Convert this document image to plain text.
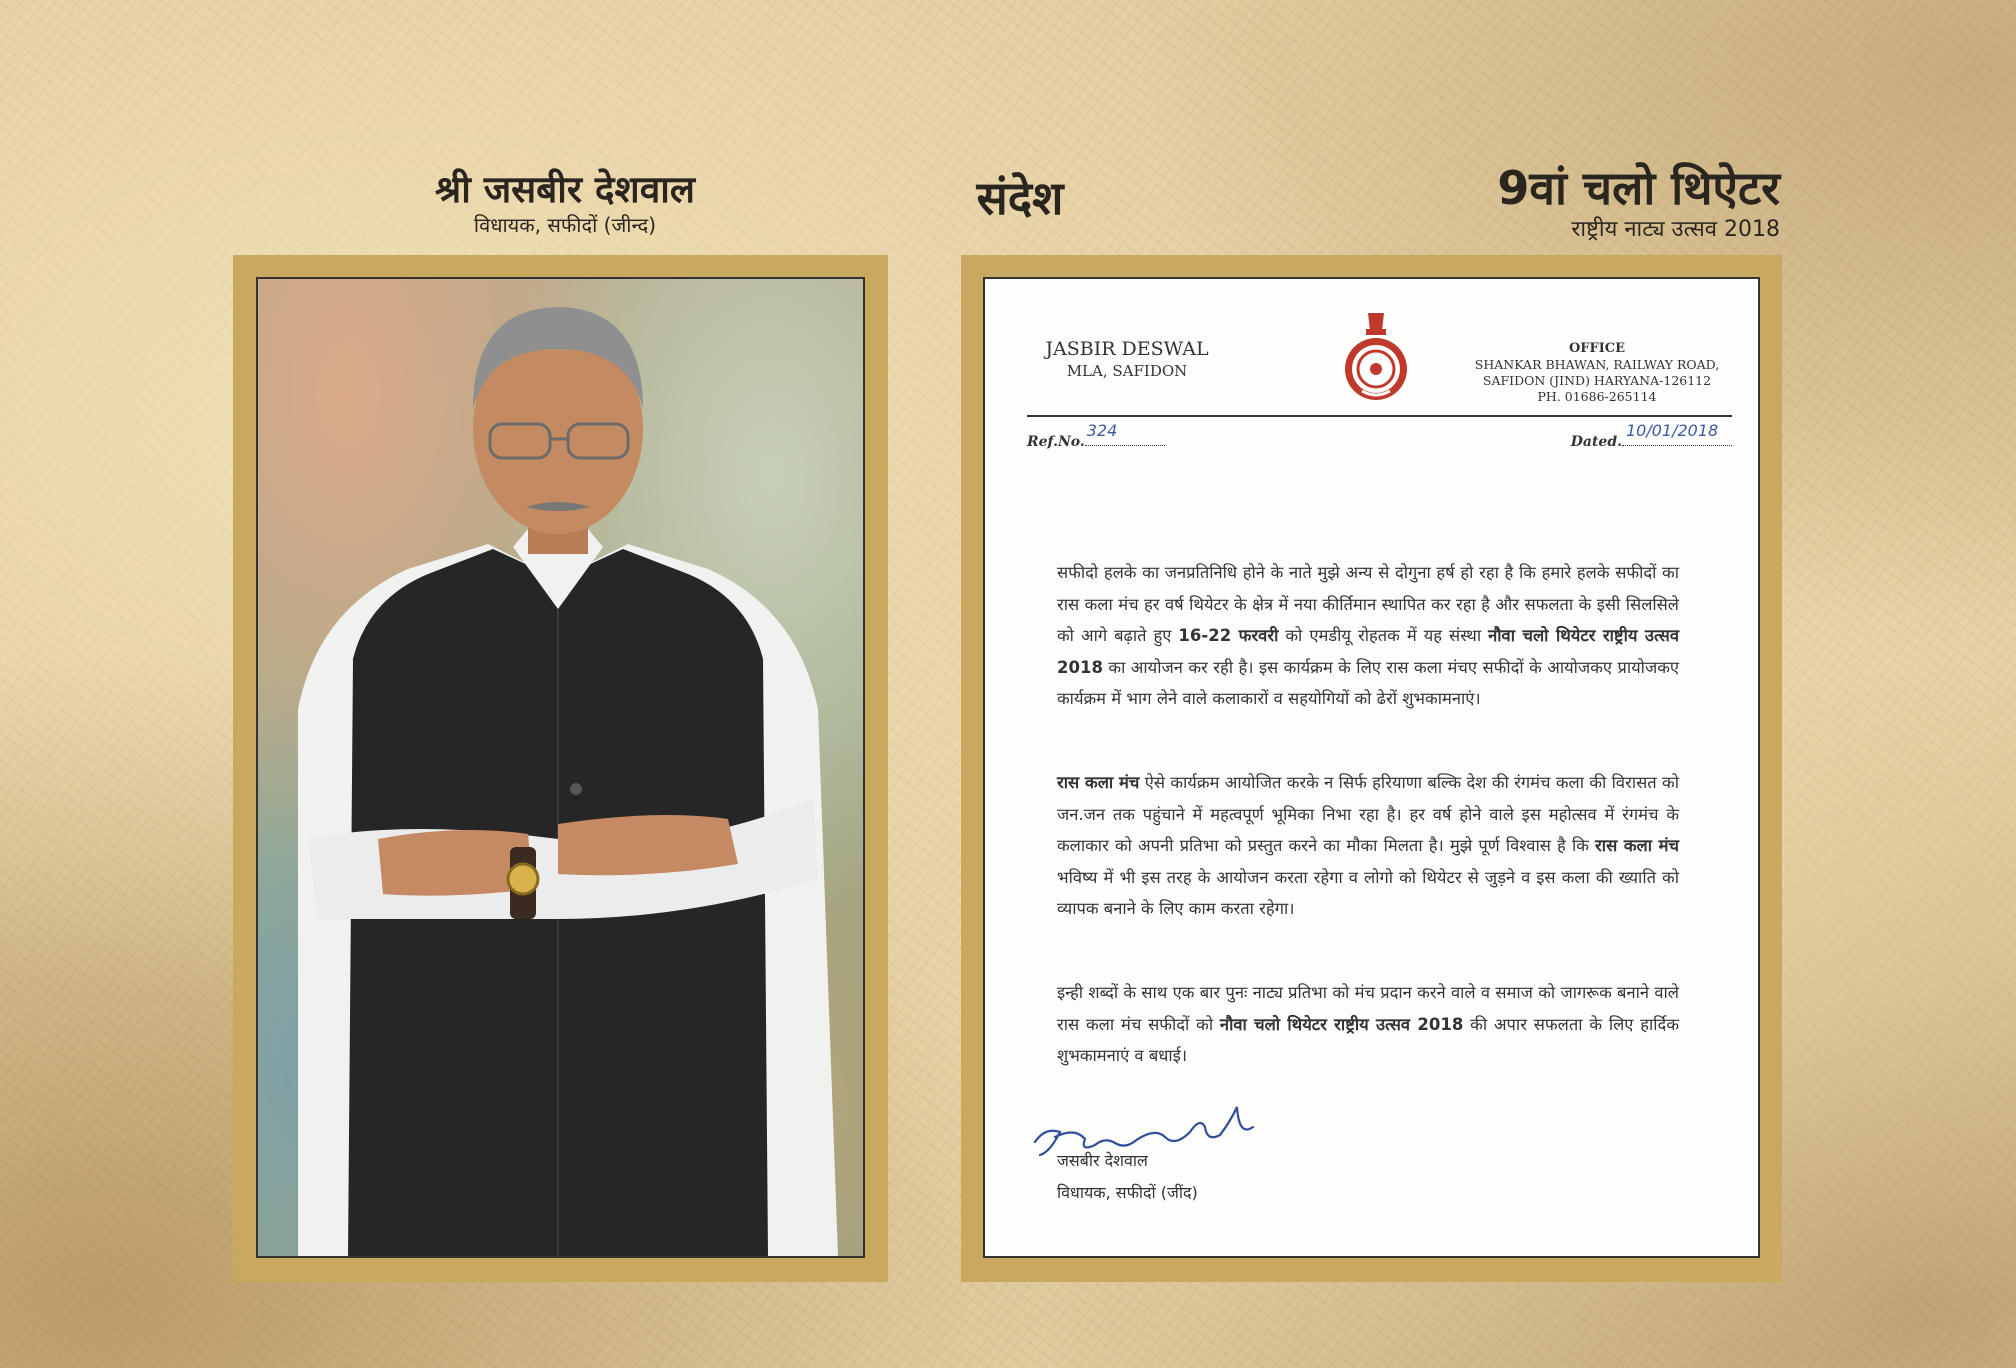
श्री जसबीर देशवाल
विधायक, सफीदों (जीन्द)	संदेश	9वां चलो थिऐटर
राष्ट्रीय नाट्य उत्सव 2018
JASBIR DESWAL
MLA, SAFIDON
OFFICE
SHANKAR BHAWAN, RAILWAY ROAD,
SAFIDON (JIND) HARYANA-126112
PH. 01686-265114
Ref.No.
324
Dated.
10/01/2018
सफीदो हलके का जनप्रतिनिधि होने के नाते मुझे अन्य से दोगुना हर्ष हो रहा है कि हमारे हलके सफीदों का रास कला मंच हर वर्ष थियेटर के क्षेत्र में नया कीर्तिमान स्थापित कर रहा है और सफलता के इसी सिलसिले को आगे बढ़ाते हुए 16-22 फरवरी को एमडीयू रोहतक में यह संस्था नौवा चलो थियेटर राष्ट्रीय उत्सव 2018 का आयोजन कर रही है। इस कार्यक्रम के लिए रास कला मंचए सफीदों के आयोजकए प्रायोजकए कार्यक्रम में भाग लेने वाले कलाकारों व सहयोगियों को ढेरों शुभकामनाएं।
रास कला मंच ऐसे कार्यक्रम आयोजित करके न सिर्फ हरियाणा बल्कि देश की रंगमंच कला की विरासत को जन.जन तक पहुंचाने में महत्वपूर्ण भूमिका निभा रहा है। हर वर्ष होने वाले इस महोत्सव में रंगमंच के कलाकार को अपनी प्रतिभा को प्रस्तुत करने का मौका मिलता है। मुझे पूर्ण विश्वास है कि रास कला मंच भविष्य में भी इस तरह के आयोजन करता रहेगा व लोगो को थियेटर से जुड़ने व इस कला की ख्याति को व्यापक बनाने के लिए काम करता रहेगा।
इन्ही शब्दों के साथ एक बार पुनः नाट्य प्रतिभा को मंच प्रदान करने वाले व समाज को जागरूक बनाने वाले रास कला मंच सफीदों को नौवा चलो थियेटर राष्ट्रीय उत्सव 2018 की अपार सफलता के लिए हार्दिक शुभकामनाएं व बधाई।
जसबीर देशवाल
विधायक, सफीदों (जींद)
